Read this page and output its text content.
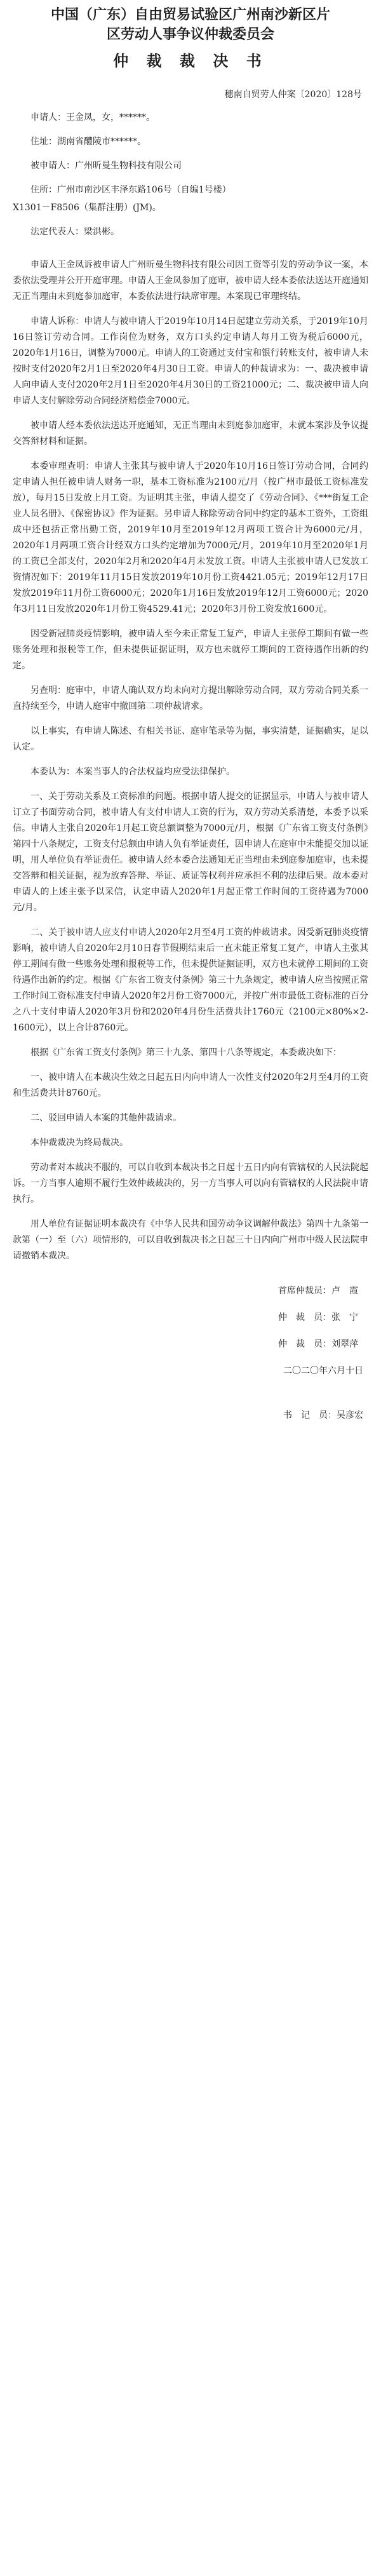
中国（广东）自由贸易试验区广州南沙新区片
区劳动人事争议仲裁委员会
仲 裁 裁 决 书
穗南自贸劳人仲案〔2020〕128号
申请人：王金凤，女，******。
住址：湖南省醴陵市******。
被申请人：广州昕曼生物科技有限公司
住所：广州市南沙区丰泽东路106号（自编1号楼）
X1301－F8506（集群注册）(JM)。
法定代表人：梁洪彬。

申请人王金凤诉被申请人广州昕曼生物科技有限公司因工资等引发的劳动争议一案，本委依法受理并公开开庭审理。申请人王金凤参加了庭审，被申请人经本委依法送达开庭通知无正当理由未到庭参加庭审，本委依法进行缺席审理。本案现已审理终结。

申请人诉称：申请人与被申请人于2019年10月14日起建立劳动关系，于2019年10月16日签订劳动合同。工作岗位为财务，双方口头约定申请人每月工资为税后6000元，2020年1月16日，调整为7000元。申请人的工资通过支付宝和银行转账支付，被申请人未按时支付2020年2月1日至2020年4月30日工资。申请人的仲裁请求为：一、裁决被申请人向申请人支付2020年2月1日至2020年4月30日的工资21000元；二、裁决被申请人向申请人支付解除劳动合同经济赔偿金7000元。

被申请人经本委依法送达开庭通知，无正当理由未到庭参加庭审，未就本案涉及争议提交答辩材料和证据。

本委审理查明：申请人主张其与被申请人于2020年10月16日签订劳动合同，合同约定申请人担任被申请人财务一职，基本工资标准为2100元/月（按广州市最低工资标准发放），每月15日发放上月工资。为证明其主张，申请人提交了《劳动合同》、《***街复工企业人员名册》、《保密协议》作为证据。另申请人称除劳动合同中约定的基本工资外，工资组成中还包括正常出勤工资，2019年10月至2019年12月两项工资合计为6000元/月，2020年1月两项工资合计经双方口头约定增加为7000元/月，2019年10月至2020年1月的工资已全部支付，2020年2月和2020年4月未发放工资。申请人主张被申请人已发放工资情况如下：2019年11月15日发放2019年10月份工资4421.05元；2019年12月17日发放2019年11月份工资6000元；2020年1月16日发放2019年12月工资6000元；2020年3月11日发放2020年1月份工资4529.41元；2020年3月份工资发放1600元。

因受新冠肺炎疫情影响，被申请人至今未正常复工复产，申请人主张停工期间有做一些账务处理和报税等工作，但未提供证据证明，双方也未就停工期间的工资待遇作出新的约定。

另查明：庭审中，申请人确认双方均未向对方提出解除劳动合同，双方劳动合同关系一直持续至今，申请人庭审中撤回第二项仲裁请求。

以上事实，有申请人陈述、有相关书证、庭审笔录等为据，事实清楚，证据确实，足以认定。

本委认为：本案当事人的合法权益均应受法律保护。

一、关于劳动关系及工资标准的问题。根据申请人提交的证据显示，申请人与被申请人订立了书面劳动合同，被申请人有支付申请人工资的行为，双方劳动关系清楚，本委予以采信。申请人主张自2020年1月起工资总额调整为7000元/月，根据《广东省工资支付条例》第四十八条规定，工资支付总额由申请人负有举证责任，因申请人在庭审中未能提交加以证明，用人单位负有举证责任。被申请人经本委合法通知无正当理由未到庭参加庭审，也未提交答辩和相关证据，视为放弃答辩、举证、质证等权利并应承担不利的法律后果。故本委对申请人的上述主张予以采信，认定申请人2020年1月起正常工作时间的工资待遇为7000元/月。

二、关于被申请人应支付申请人2020年2月至4月工资的仲裁请求。因受新冠肺炎疫情影响，被申请人自2020年2月10日春节假期结束后一直未能正常复工复产，申请人主张其停工期间有做一些账务处理和报税等工作，但未提供证据证明，双方也未就停工期间的工资待遇作出新的约定。根据《广东省工资支付条例》第三十九条规定，被申请人应当按照正常工作时间工资标准支付申请人2020年2月份工资7000元，并按广州市最低工资标准的百分之八十支付申请人2020年3月份和2020年4月份生活费共计1760元（2100元×80%×2-1600元），以上合计8760元。

根据《广东省工资支付条例》第三十九条、第四十八条等规定，本委裁决如下：

一、被申请人在本裁决生效之日起五日内向申请人一次性支付2020年2月至4月的工资和生活费共计8760元。

二、驳回申请人本案的其他仲裁请求。

本仲裁裁决为终局裁决。

劳动者对本裁决不服的，可以自收到本裁决书之日起十五日内向有管辖权的人民法院起诉。一方当事人逾期不履行生效仲裁裁决的，另一方当事人可以向有管辖权的人民法院申请执行。

用人单位有证据证明本裁决有《中华人民共和国劳动争议调解仲裁法》第四十九条第一款第（一）至（六）项情形的，可以自收到裁决书之日起三十日内向广州市中级人民法院申请撤销本裁决。

首席仲裁员：卢　霞
仲　裁　员：张　宁
仲　裁　员：刘翠萍
二〇二〇年六月十日
书　记　员：吴彦宏
